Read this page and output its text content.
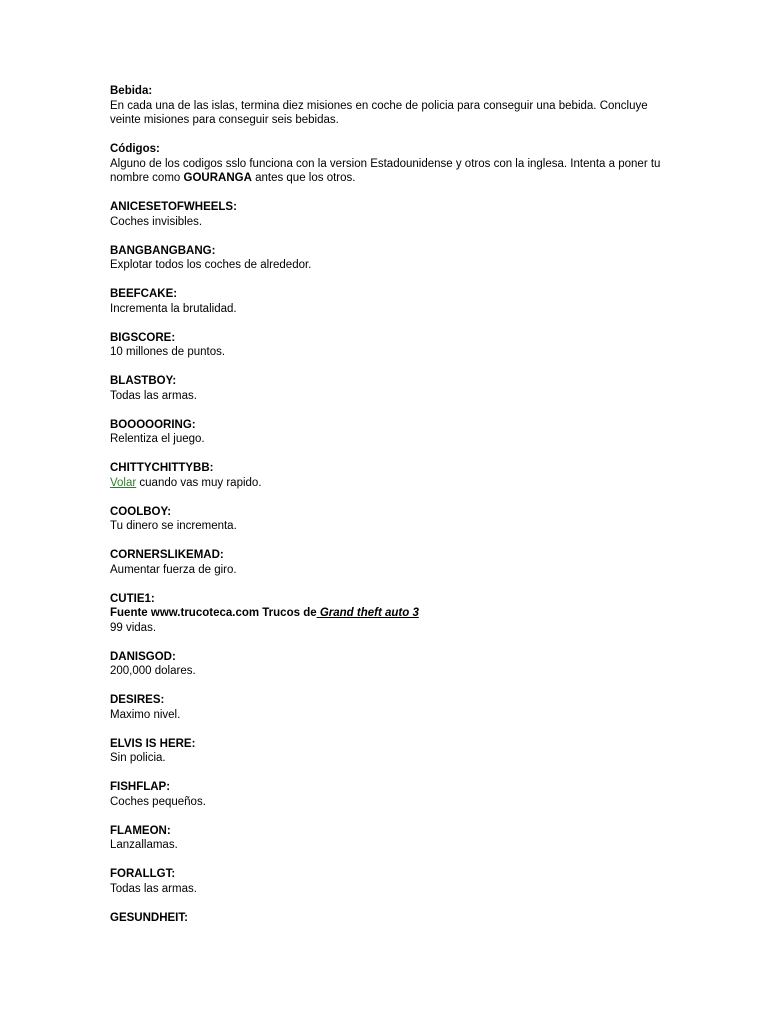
Bebida:
En cada una de las islas, termina diez misiones en coche de policia para conseguir una bebida. Concluye veinte misiones para conseguir seis bebidas.
Códigos:
Alguno de los codigos sslo funciona con la version Estadounidense y otros con la inglesa. Intenta a poner tu nombre como GOURANGA antes que los otros.
ANICESETOFWHEELS:
Coches invisibles.
BANGBANGBANG:
Explotar todos los coches de alrededor.
BEEFCAKE:
Incrementa la brutalidad.
BIGSCORE:
10 millones de puntos.
BLASTBOY:
Todas las armas.
BOOOOORING:
Relentiza el juego.
CHITTYCHITTYBB:
Volar cuando vas muy rapido.
COOLBOY:
Tu dinero se incrementa.
CORNERSLIKEMAD:
Aumentar fuerza de giro.
CUTIE1:
Fuente www.trucoteca.com Trucos de Grand theft auto 3
99 vidas.
DANISGOD:
200,000 dolares.
DESIRES:
Maximo nivel.
ELVIS IS HERE:
Sin policia.
FISHFLAP:
Coches pequeños.
FLAMEON:
Lanzallamas.
FORALLGT:
Todas las armas.
GESUNDHEIT:
